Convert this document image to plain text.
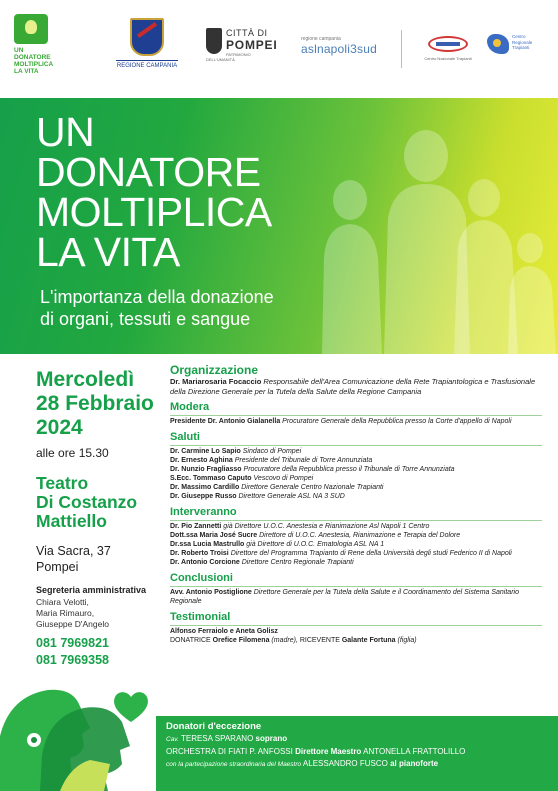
UN
DONATORE
MOLTIPLICA
LA VITA
REGIONE CAMPANIA
CITTÀ DI
POMPEI
PATRIMONIO DELL'UMANITÀ
regione campania
aslnapoli3sud
Centro Nazionale Trapianti
Centro Regionale Trapianti
UN
DONATORE
MOLTIPLICA
LA VITA
L'importanza della donazione
di organi, tessuti e sangue
Mercoledì
28 Febbraio
2024
alle ore 15.30
Teatro
Di Costanzo
Mattiello
Via Sacra, 37
Pompei
Segreteria amministrativa
Chiara Velotti,
Maria Rimauro,
Giuseppe D'Angelo
081 7969821
081 7969358
Organizzazione
Dr. Mariarosaria Focaccio Responsabile dell'Area Comunicazione della Rete Trapiantologica e Trasfusionale della Direzione Generale per la Tutela della Salute della Regione Campania
Modera
Presidente Dr. Antonio Gialanella Procuratore Generale della Repubblica presso la Corte d'appello di Napoli
Saluti
Dr. Carmine Lo Sapio Sindaco di Pompei
Dr. Ernesto Aghina Presidente del Tribunale di Torre Annunziata
Dr. Nunzio Fragliasso Procuratore della Repubblica presso il Tribunale di Torre Annunziata
S.Ecc. Tommaso Caputo Vescovo di Pompei
Dr. Massimo Cardillo Direttore Generale Centro Nazionale Trapianti
Dr. Giuseppe Russo Direttore Generale ASL NA 3 SUD
Interveranno
Dr. Pio Zannetti già Direttore U.O.C. Anestesia e Rianimazione Asl Napoli 1 Centro
Dott.ssa Maria José Sucre Direttore di U.O.C. Anestesia, Rianimazione e Terapia del Dolore
Dr.ssa Lucia Mastrullo già Direttore di U.O.C. Ematologia ASL NA 1
Dr. Roberto Troisi Direttore del Programma Trapianto di Rene della Università degli studi Federico II di Napoli
Dr. Antonio Corcione Direttore Centro Regionale Trapianti
Conclusioni
Avv. Antonio Postiglione Direttore Generale per la Tutela della Salute e il Coordinamento del Sistema Sanitario Regionale
Testimonial
Alfonso Ferraiolo e Aneta Golisz
DONATRICE Orefice Filomena (madre), RICEVENTE Galante Fortuna (figlia)
Donatori d'eccezione
Cav. TERESA SPARANO soprano
ORCHESTRA DI FIATI P. ANFOSSI Direttore Maestro ANTONELLA FRATTOLILLO
con la partecipazione straordinaria del Maestro ALESSANDRO FUSCO al pianoforte
